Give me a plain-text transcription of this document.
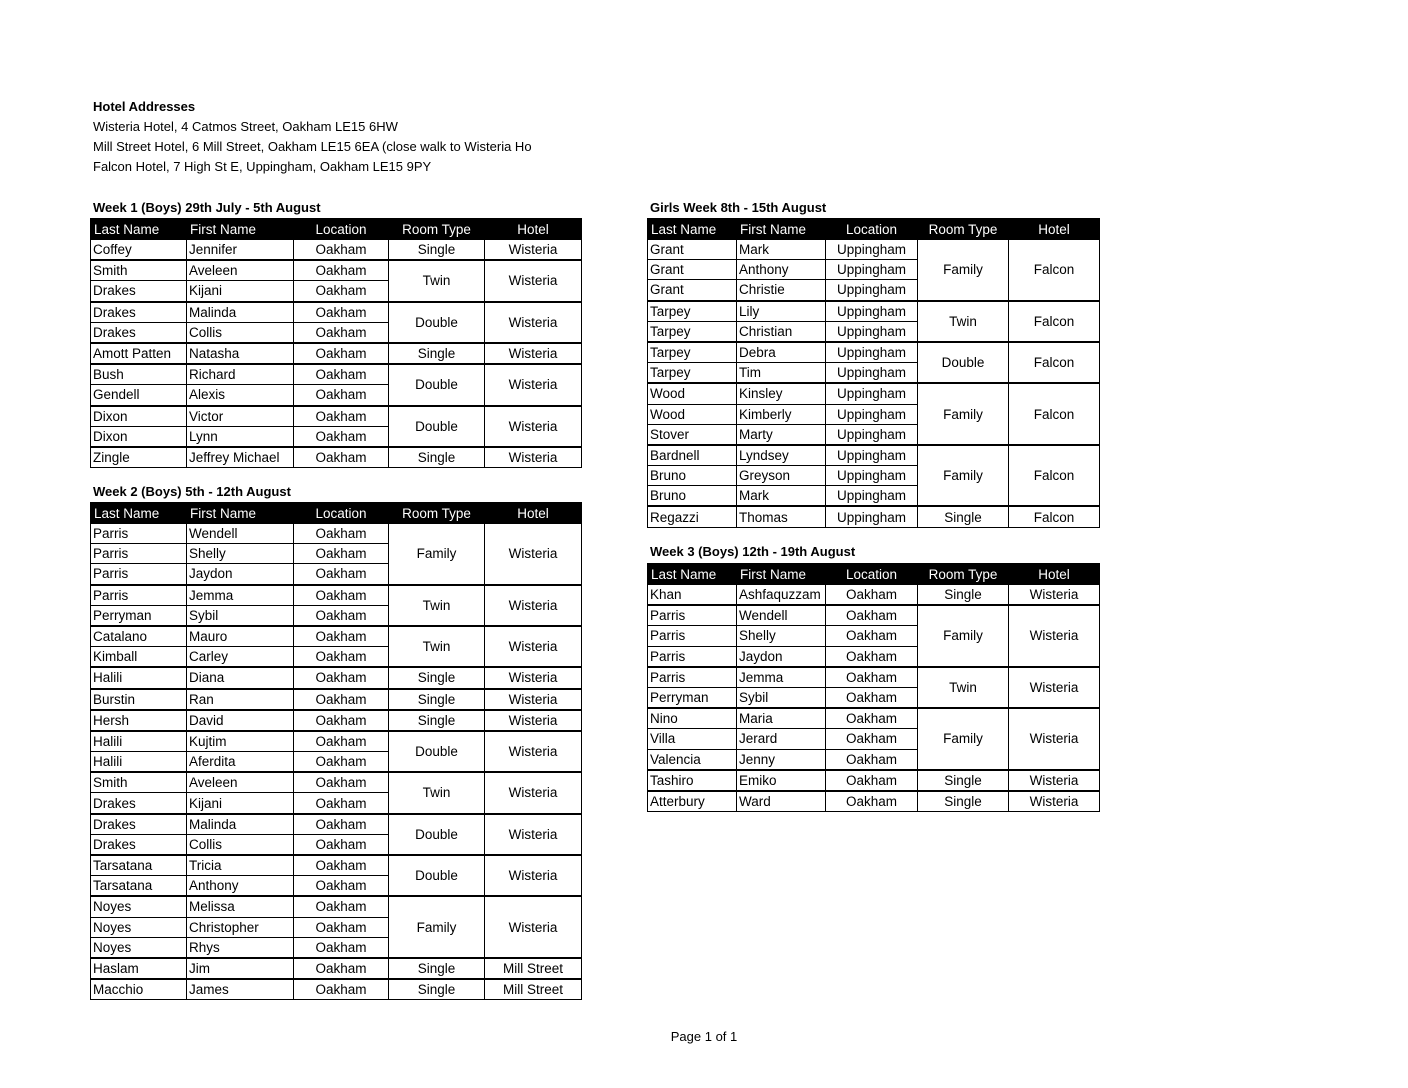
Hotel Addresses
Wisteria Hotel, 4 Catmos Street, Oakham LE15 6HW
Mill Street Hotel, 6 Mill Street, Oakham LE15 6EA (close walk to Wisteria Ho
Falcon Hotel, 7 High St E, Uppingham, Oakham LE15 9PY
Week 1 (Boys) 29th July - 5th August
Last Name	First Name	Location	Room Type	Hotel
Coffey	Jennifer	Oakham	Single	Wisteria
Smith	Aveleen	Oakham	Twin	Wisteria
Drakes	Kijani	Oakham		
Drakes	Malinda	Oakham	Double	Wisteria
Drakes	Collis	Oakham		
Amott Patten	Natasha	Oakham	Single	Wisteria
Bush	Richard	Oakham	Double	Wisteria
Gendell	Alexis	Oakham		
Dixon	Victor	Oakham	Double	Wisteria
Dixon	Lynn	Oakham		
Zingle	Jeffrey Michael	Oakham	Single	Wisteria
Week 2 (Boys) 5th - 12th August
Last Name	First Name	Location	Room Type	Hotel
Parris	Wendell	Oakham	Family	Wisteria
Parris	Shelly	Oakham		
Parris	Jaydon	Oakham		
Parris	Jemma	Oakham	Twin	Wisteria
Perryman	Sybil	Oakham		
Catalano	Mauro	Oakham	Twin	Wisteria
Kimball	Carley	Oakham		
Halili	Diana	Oakham	Single	Wisteria
Burstin	Ran	Oakham	Single	Wisteria
Hersh	David	Oakham	Single	Wisteria
Halili	Kujtim	Oakham	Double	Wisteria
Halili	Aferdita	Oakham		
Smith	Aveleen	Oakham	Twin	Wisteria
Drakes	Kijani	Oakham		
Drakes	Malinda	Oakham	Double	Wisteria
Drakes	Collis	Oakham		
Tarsatana	Tricia	Oakham	Double	Wisteria
Tarsatana	Anthony	Oakham		
Noyes	Melissa	Oakham	Family	Wisteria
Noyes	Christopher	Oakham		
Noyes	Rhys	Oakham		
Haslam	Jim	Oakham	Single	Mill Street
Macchio	James	Oakham	Single	Mill Street
Girls Week 8th - 15th August
Last Name	First Name	Location	Room Type	Hotel
Grant	Mark	Uppingham	Family	Falcon
Grant	Anthony	Uppingham		
Grant	Christie	Uppingham		
Tarpey	Lily	Uppingham	Twin	Falcon
Tarpey	Christian	Uppingham		
Tarpey	Debra	Uppingham	Double	Falcon
Tarpey	Tim	Uppingham		
Wood	Kinsley	Uppingham	Family	Falcon
Wood	Kimberly	Uppingham		
Stover	Marty	Uppingham		
Bardnell	Lyndsey	Uppingham	Family	Falcon
Bruno	Greyson	Uppingham		
Bruno	Mark	Uppingham		
Regazzi	Thomas	Uppingham	Single	Falcon
Week 3 (Boys) 12th - 19th August
Last Name	First Name	Location	Room Type	Hotel
Khan	Ashfaquzzam	Oakham	Single	Wisteria
Parris	Wendell	Oakham	Family	Wisteria
Parris	Shelly	Oakham		
Parris	Jaydon	Oakham		
Parris	Jemma	Oakham	Twin	Wisteria
Perryman	Sybil	Oakham		
Nino	Maria	Oakham	Family	Wisteria
Villa	Jerard	Oakham		
Valencia	Jenny	Oakham		
Tashiro	Emiko	Oakham	Single	Wisteria
Atterbury	Ward	Oakham	Single	Wisteria
Page 1 of 1
